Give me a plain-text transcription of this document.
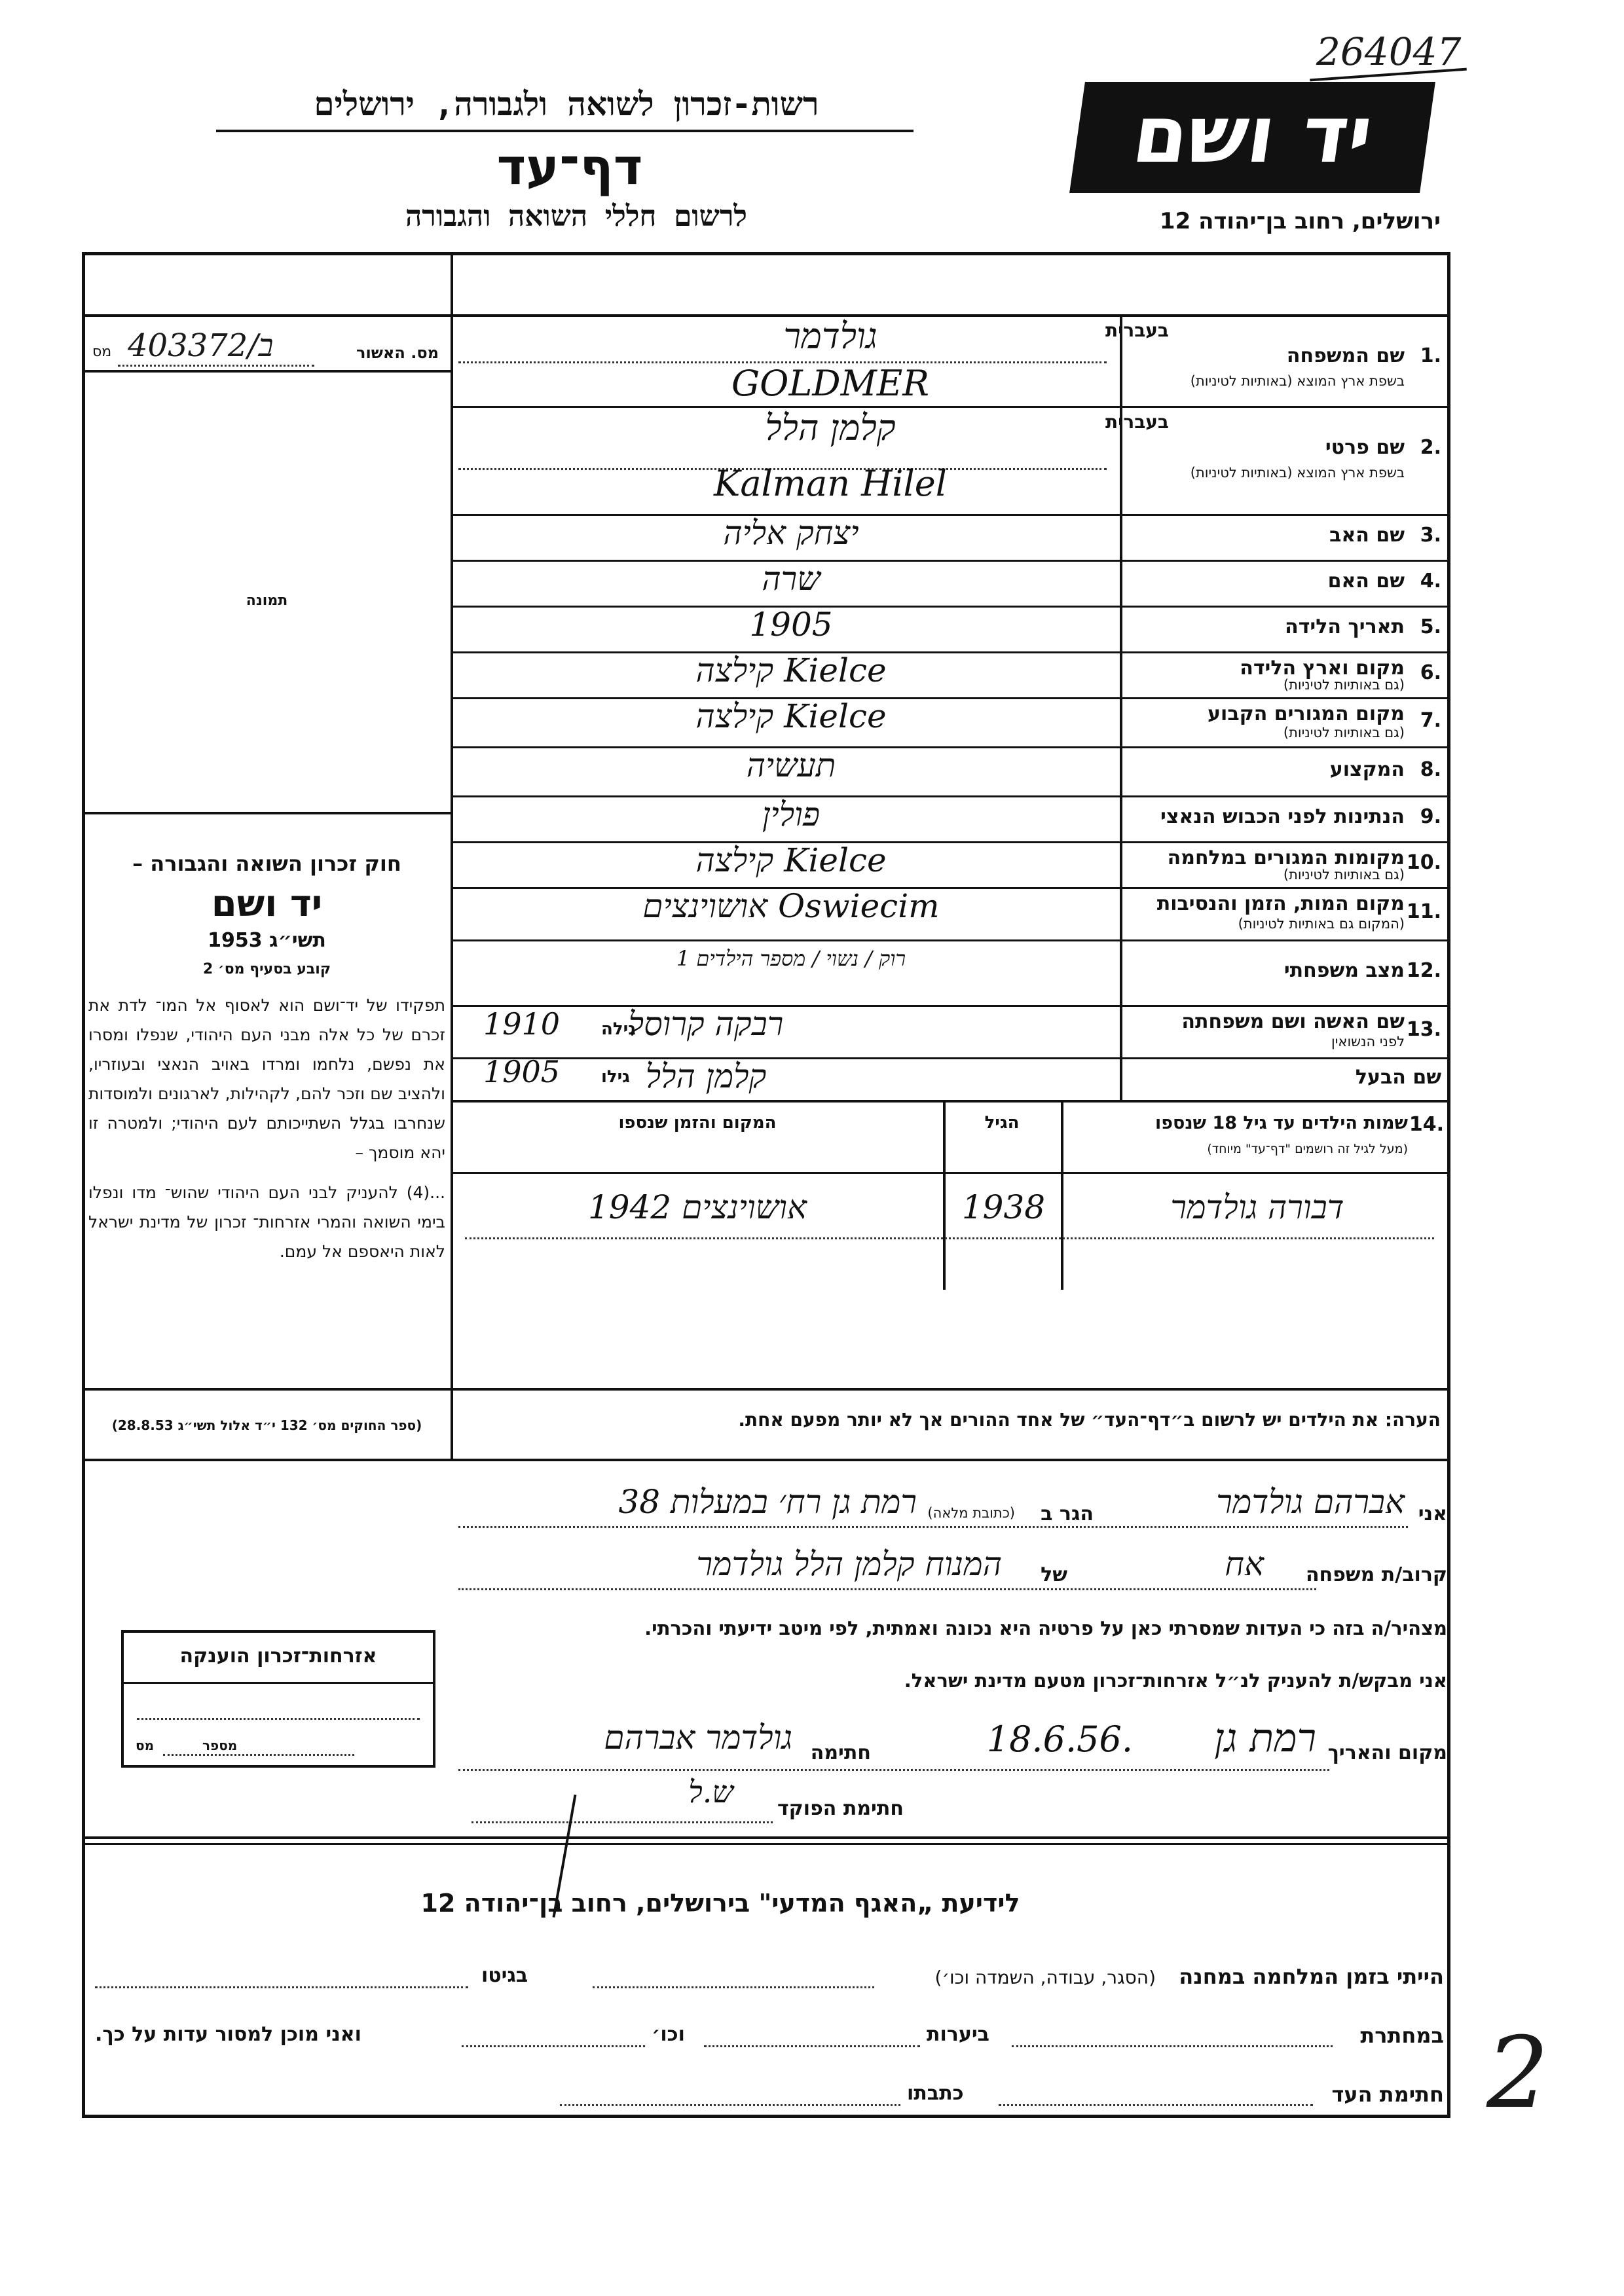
264047
יד ושם
רשות-זכרון לשואה ולגבורה, ירושלים
דף־עד
לרשום חללי השואה והגבורה	ירושלים, רחוב בן־יהודה 12
מס. האשור
403372/ב
מס
תמונה
חוק זכרון השואה והגבורה –
יד ושם
תשי״ג 1953
קובע בסעיף מס׳ 2
תפקידו של יד־ושם הוא לאסוף אל המו־ לדת את זכרם של כל אלה מבני העם היהודי, שנפלו ומסרו את נפשם, נלחמו ומרדו באויב הנאצי ובעוזריו, ולהציב שם וזכר להם, לקהילות, לארגונים ולמוסדות שנחרבו בגלל השתייכותם לעם היהודי; ולמטרה זו יהא מוסמך –
...(4) להעניק לבני העם היהודי שהוש־ מדו ונפלו בימי השואה והמרי אזרחות־ זכרון של מדינת ישראל לאות היאספם אל עמם.
(ספר החוקים מס׳ 132 י״ד אלול תשי״ג 28.8.53)
1.
שם המשפחה
בשפת ארץ המוצא (באותיות לטיניות)
בעברית
גולדמר
GOLDMER
2.
שם פרטי
בשפת ארץ המוצא (באותיות לטיניות)
בעברית
קלמן הלל
Kalman Hilel
3.
שם האב
יצחק אליה
4.
שם האם
שרה
5.
תאריך הלידה
1905
6.
מקום וארץ הלידה
(גם באותיות לטיניות)
Kielce קילצה
7.
מקום המגורים הקבוע
(גם באותיות לטיניות)
Kielce קילצה
8.
המקצוע
תעשיה
9.
הנתינות לפני הכבוש הנאצי
פולין
10.
מקומות המגורים במלחמה
(גם באותיות לטיניות)
Kielce קילצה
11.
מקום המות, הזמן והנסיבות
(המקום גם באותיות לטיניות)
Oswiecim אושוינצים
12.
מצב משפחתי
רוק / נשוי / מספר הילדים 1
13.
שם האשה ושם משפחתה
לפני הנשואין
רבקה קרוסל
גילה
1910
שם הבעל
קלמן הלל
גילו
1905
14.
שמות הילדים עד גיל 18 שנספו
(מעל לגיל זה רושמים "דף־עד" מיוחד)
הגיל
המקום והזמן שנספו
דבורה גולדמר
1938
אושוינצים 1942
הערה: את הילדים יש לרשום ב״דף־העד״ של אחד ההורים אך לא יותר מפעם אחת.
אני
אברהם גולדמר
הגר ב
(כתובת מלאה)
רמת גן רח׳ במעלות 38
קרוב/ת משפחה
אח
של
המנוח קלמן הלל גולדמר
מצהיר/ה בזה כי העדות שמסרתי כאן על פרטיה היא נכונה ואמתית, לפי מיטב ידיעתי והכרתי.
אני מבקש/ת להעניק לנ״ל אזרחות־זכרון מטעם מדינת ישראל.
מקום והאריך
רמת גן
18.6.56.
חתימה
גולדמר אברהם
ש.ל חתימת הפוקד
אזרחות־זכרון הוענקה
מספר
מס
לידיעת „האגף המדעי" בירושלים, רחוב בן־יהודה 12
הייתי בזמן המלחמה במחנה
(הסגר, עבודה, השמדה וכו׳)
בגיטו
במחתרת
ביערות
וכו׳
ואני מוכן למסור עדות על כך.
חתימת העד
כתבתו	2
